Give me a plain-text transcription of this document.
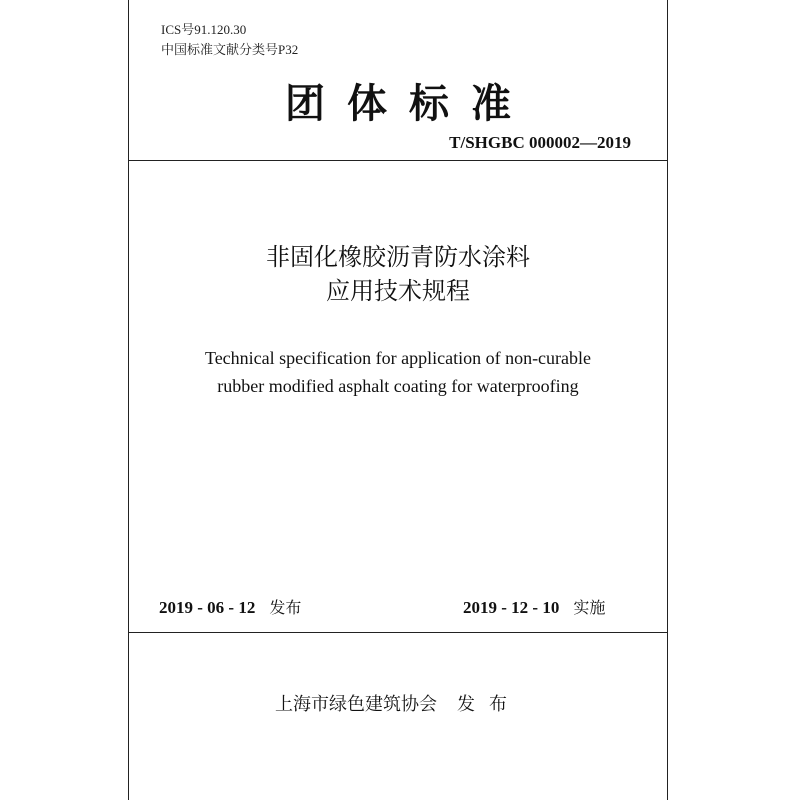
ICS号91.120.30
中国标准文献分类号P32
团体标准
T/SHGBC 000002—2019
非固化橡胶沥青防水涂料
应用技术规程
Technical specification for application of non-curable
rubber modified asphalt coating for waterproofing
2019 - 06 - 12 发布	2019 - 12 - 10 实施
上海市绿色建筑协会 发布
